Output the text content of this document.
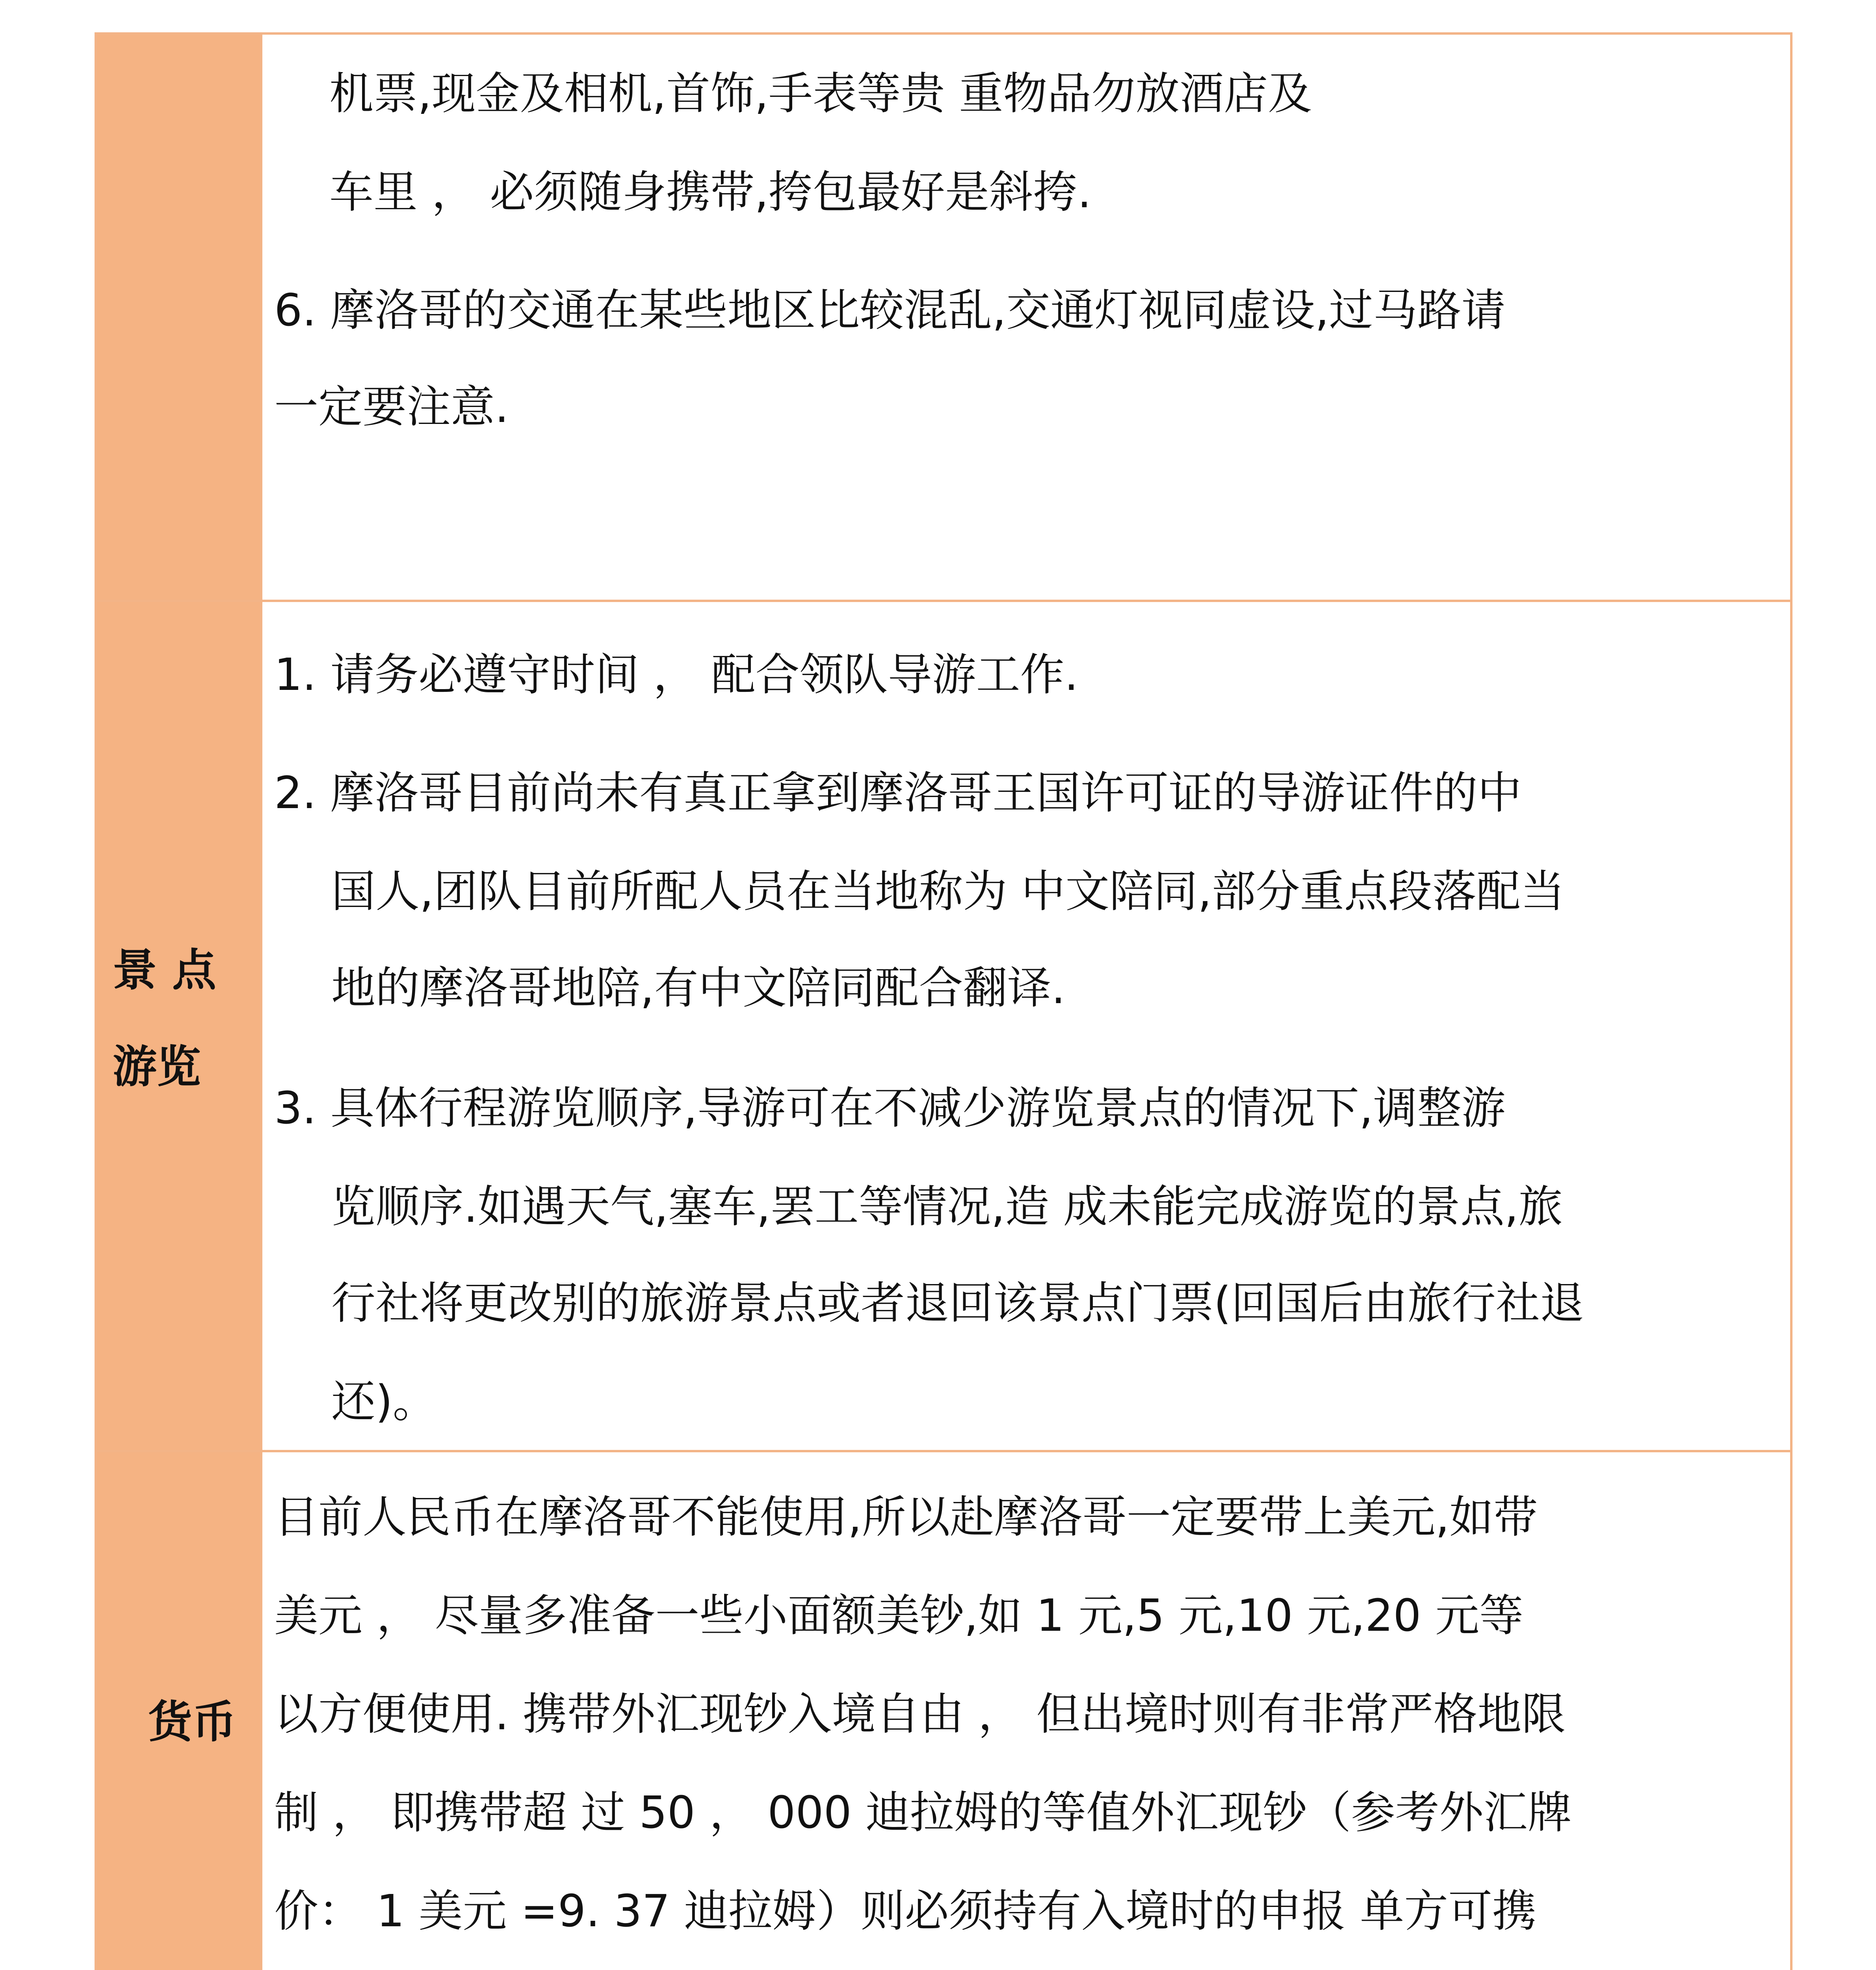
机票,现金及相机,首饰,手表等贵 重物品勿放酒店及
车里 ， 必须随身携带,挎包最好是斜挎.
6. 摩洛哥的交通在某些地区比较混乱,交通灯视同虚设,过马路请
一定要注意.
景 点
游览
1. 请务必遵守时间 ， 配合领队导游工作.
2. 摩洛哥目前尚未有真正拿到摩洛哥王国许可证的导游证件的中
国人,团队目前所配人员在当地称为 中文陪同,部分重点段落配当
地的摩洛哥地陪,有中文陪同配合翻译.
3. 具体行程游览顺序,导游可在不减少游览景点的情况下,调整游
览顺序.如遇天气,塞车,罢工等情况,造 成未能完成游览的景点,旅
行社将更改别的旅游景点或者退回该景点门票(回国后由旅行社退
还)。
货币
目前人民币在摩洛哥不能使用,所以赴摩洛哥一定要带上美元,如带
美元 ， 尽量多准备一些小面额美钞,如 1 元,5 元,10 元,20 元等
以方便使用. 携带外汇现钞入境自由 ， 但出境时则有非常严格地限
制 ， 即携带超 过 50 ， 000 迪拉姆的等值外汇现钞（参考外汇牌
价： 1 美元 =9. 37 迪拉姆）则必须持有入境时的申报 单方可携
